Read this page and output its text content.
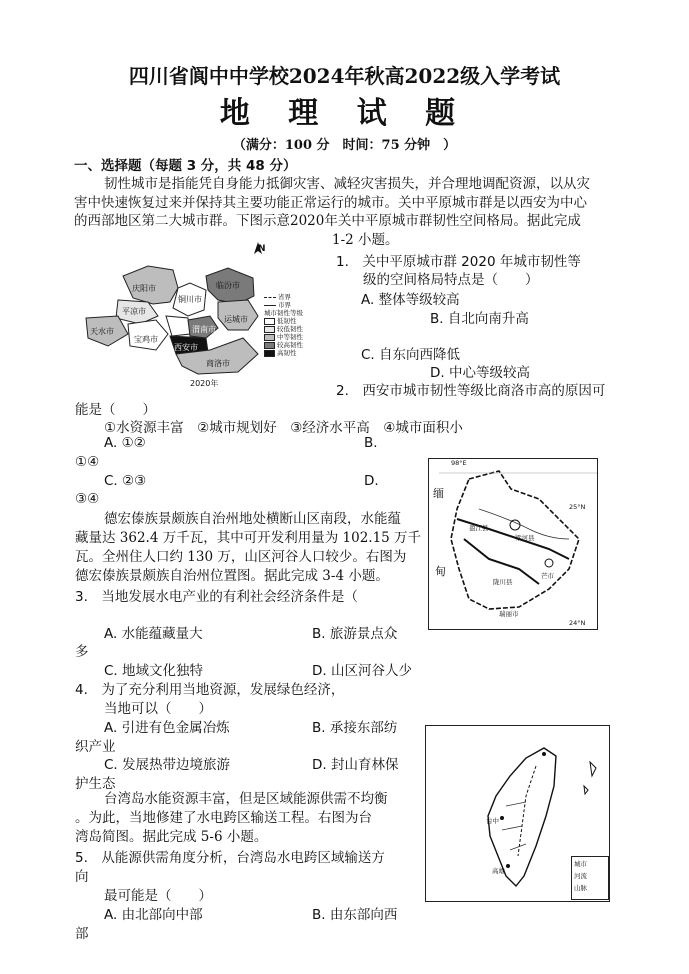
四川省阆中中学校2024年秋高2022级入学考试
地 理 试 题
（满分：100 分　时间：75 分钟　）
一、选择题（每题 3 分，共 48 分）
韧性城市是指能凭自身能力抵御灾害、减轻灾害损失，并合理地调配资源，以从灾
害中快速恢复过来并保持其主要功能正常运行的城市。关中平原城市群是以西安为中心
的西部地区第二大城市群。下图示意2020年关中平原城市群韧性空间格局。据此完成
1-2 小题。
庆阳市
铜川市
临汾市
平凉市
运城市
天水市
宝鸡市
西安市
渭南市
商洛市
N
2020年
省界
市界
城市韧性等级
低韧性
较低韧性
中等韧性
较高韧性
高韧性
1.　关中平原城市群 2020 年城市韧性等
级的空间格局特点是（　　）
A. 整体等级较高
B. 自北向南升高
C. 自东向西降低
D. 中心等级较高
2.　西安市城市韧性等级比商洛市高的原因可
能是（　　）
①水资源丰富　②城市规划好　③经济水平高　④城市面积小
A. ①②	B.
①④
C. ②③	D.
③④
98°E
25°N
24°N
缅
甸
盈江县
梁河县
陇川县
芒市
瑞丽市
德宏傣族景颇族自治州地处横断山区南段，水能蕴
藏量达 362.4 万千瓦，其中可开发利用量为 102.15 万千
瓦。全州住人口约 130 万，山区河谷人口较少。右图为
德宏傣族景颇族自治州位置图。据此完成 3-4 小题。
3.　当地发展水电产业的有利社会经济条件是（
A. 水能蕴藏量大	B. 旅游景点众
多
C. 地域文化独特	D. 山区河谷人少
4.　为了充分利用当地资源，发展绿色经济，
当地可以（　　）
A. 引进有色金属冶炼	B. 承接东部纺
织产业
C. 发展热带边境旅游	D. 封山育林保
护生态
台中
高雄
城市
河流
山脉
台湾岛水能资源丰富，但是区域能源供需不均衡
。为此，当地修建了水电跨区输送工程。右图为台
湾岛简图。据此完成 5-6 小题。
5.　从能源供需角度分析，台湾岛水电跨区域输送方
向
最可能是（　　）
A. 由北部向中部	B. 由东部向西
部
